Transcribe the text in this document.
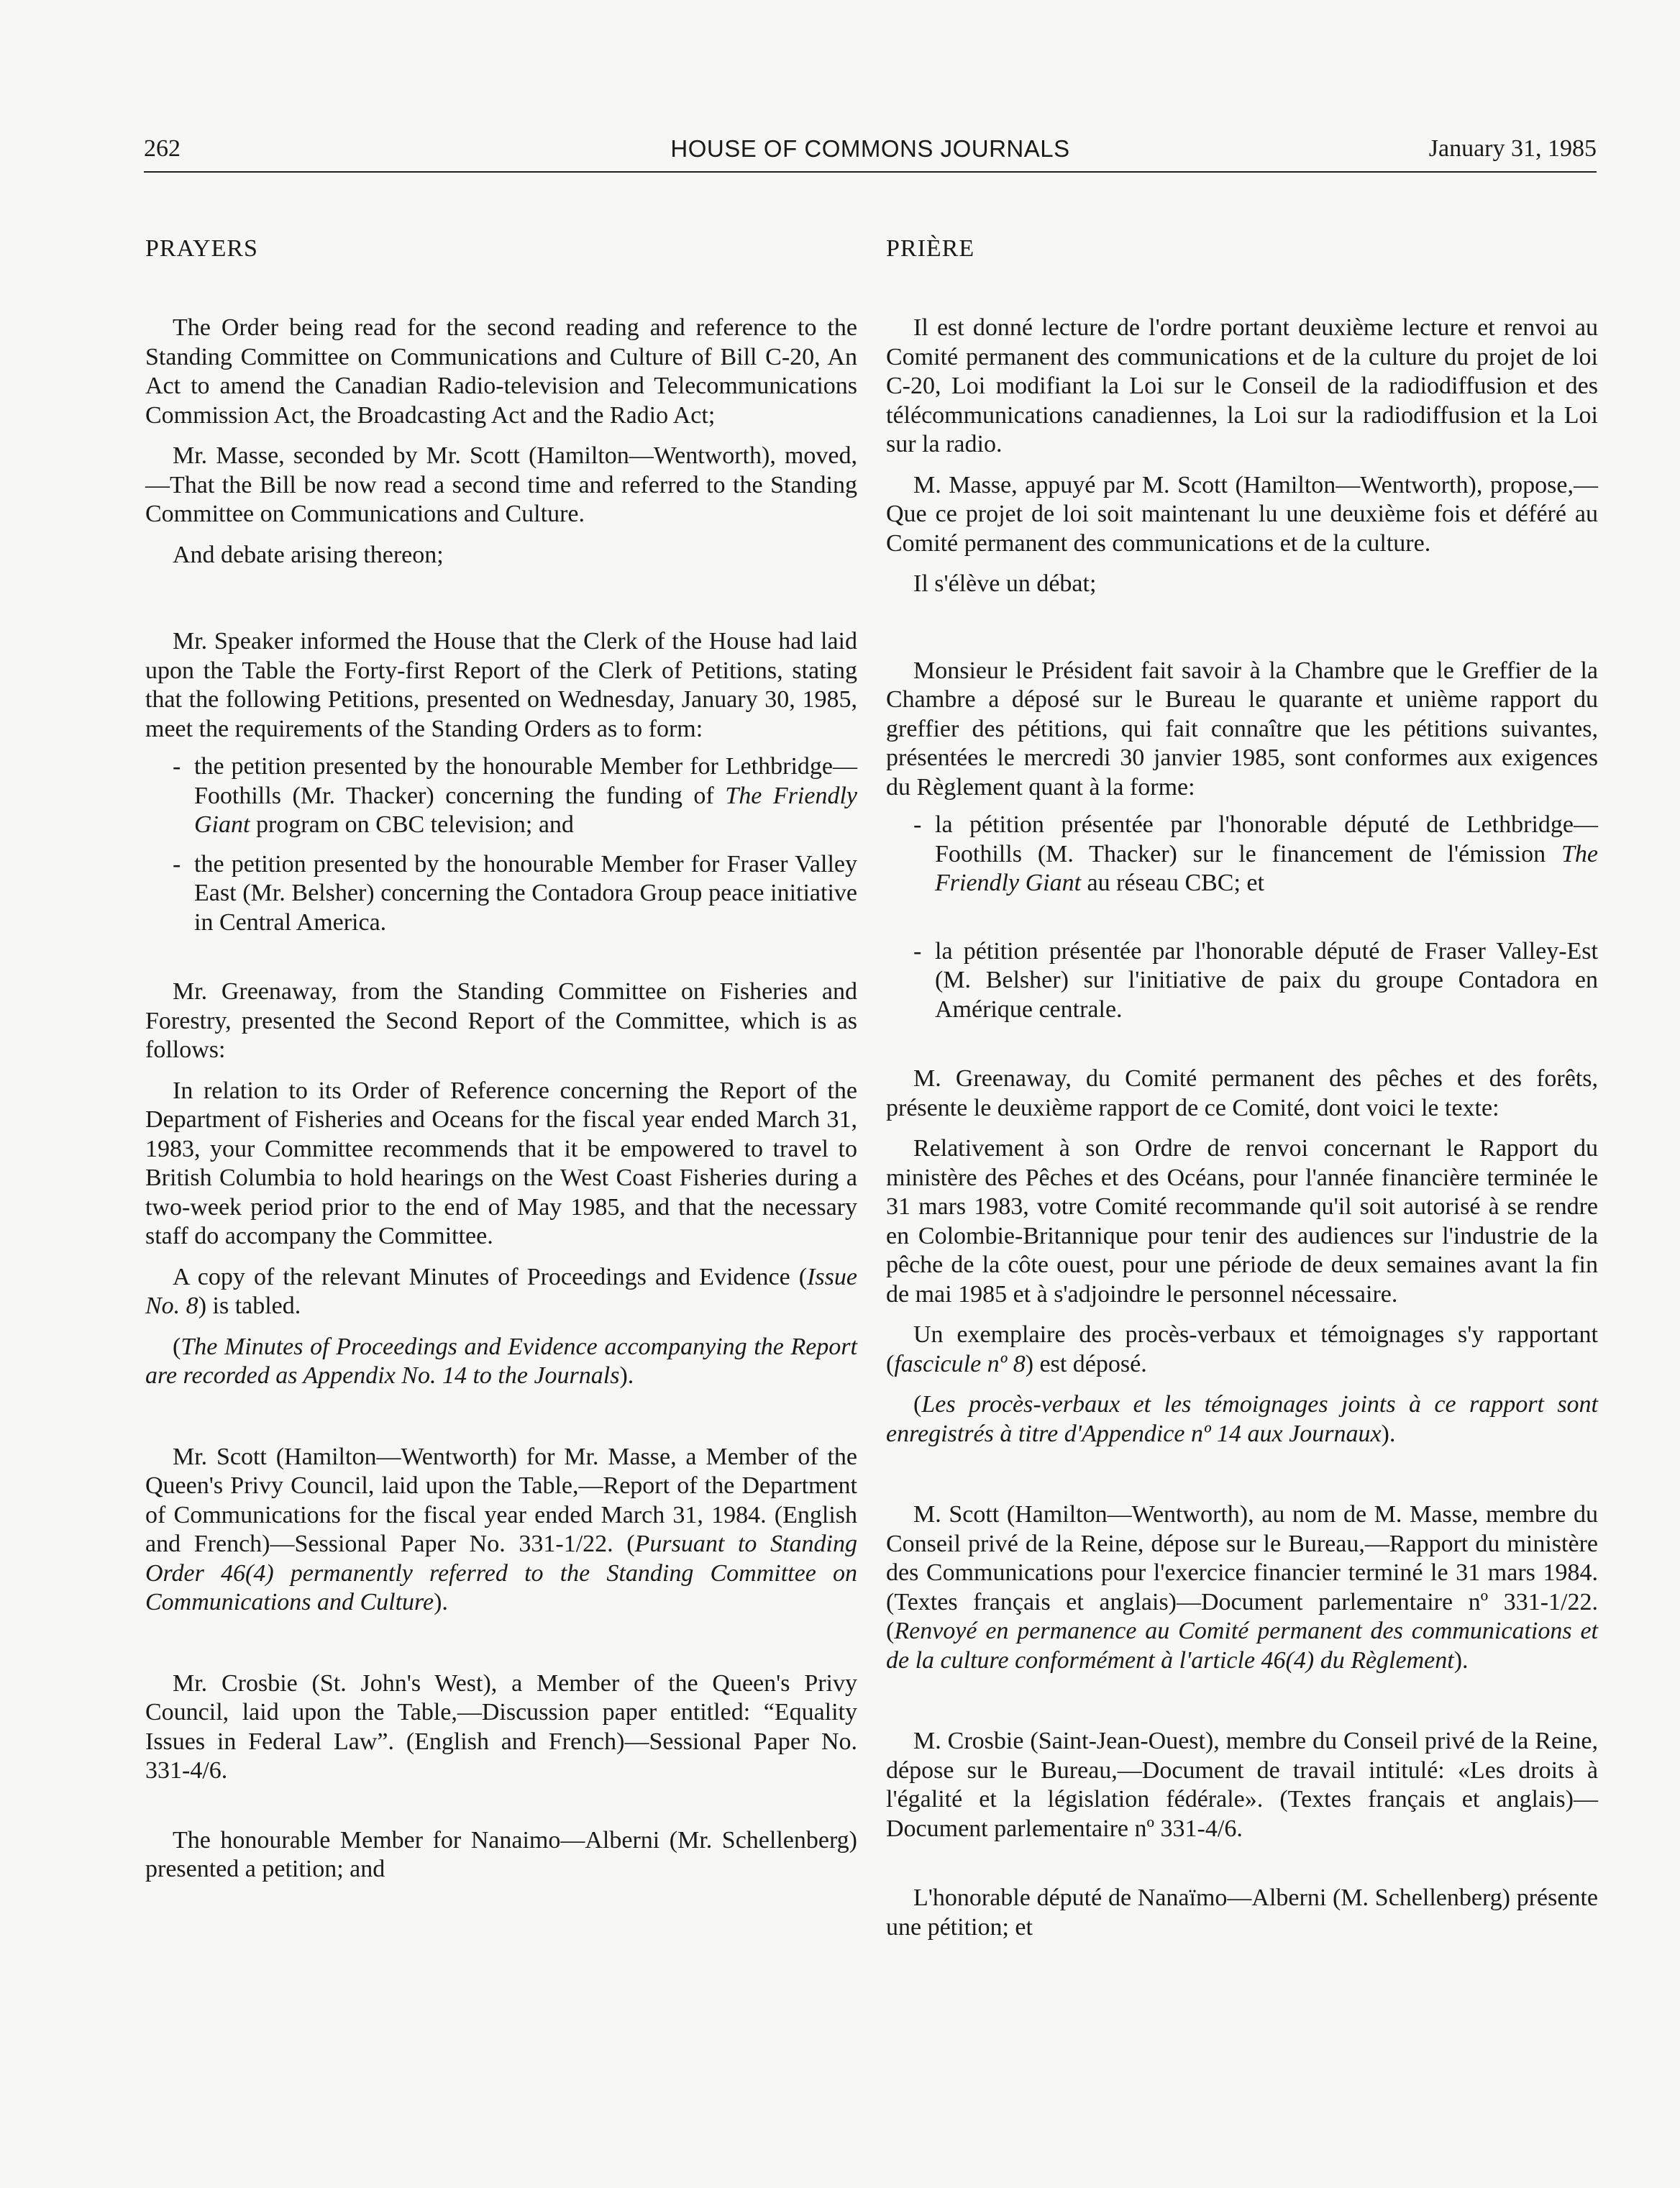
262	HOUSE OF COMMONS JOURNALS	January 31, 1985

PRAYERS

The Order being read for the second reading and reference to the Standing Committee on Communications and Culture of Bill C-20, An Act to amend the Canadian Radio-television and Telecommunications Commission Act, the Broadcasting Act and the Radio Act;

Mr. Masse, seconded by Mr. Scott (Hamilton—Wentworth), moved,—That the Bill be now read a second time and referred to the Standing Committee on Communications and Culture.

And debate arising thereon;

Mr. Speaker informed the House that the Clerk of the House had laid upon the Table the Forty-first Report of the Clerk of Petitions, stating that the following Petitions, presented on Wednesday, January 30, 1985, meet the requirements of the Standing Orders as to form:

- the petition presented by the honourable Member for Lethbridge—Foothills (Mr. Thacker) concerning the funding of The Friendly Giant program on CBC television; and
- the petition presented by the honourable Member for Fraser Valley East (Mr. Belsher) concerning the Contadora Group peace initiative in Central America.

Mr. Greenaway, from the Standing Committee on Fisheries and Forestry, presented the Second Report of the Committee, which is as follows:

In relation to its Order of Reference concerning the Report of the Department of Fisheries and Oceans for the fiscal year ended March 31, 1983, your Committee recommends that it be empowered to travel to British Columbia to hold hearings on the West Coast Fisheries during a two-week period prior to the end of May 1985, and that the necessary staff do accompany the Committee.

A copy of the relevant Minutes of Proceedings and Evidence (Issue No. 8) is tabled.

(The Minutes of Proceedings and Evidence accompanying the Report are recorded as Appendix No. 14 to the Journals).

Mr. Scott (Hamilton—Wentworth) for Mr. Masse, a Member of the Queen's Privy Council, laid upon the Table,—Report of the Department of Communications for the fiscal year ended March 31, 1984. (English and French)—Sessional Paper No. 331-1/22. (Pursuant to Standing Order 46(4) permanently referred to the Standing Committee on Communications and Culture).

Mr. Crosbie (St. John's West), a Member of the Queen's Privy Council, laid upon the Table,—Discussion paper entitled: “Equality Issues in Federal Law”. (English and French)—Sessional Paper No. 331-4/6.

The honourable Member for Nanaimo—Alberni (Mr. Schellenberg) presented a petition; and

PRIÈRE

Il est donné lecture de l'ordre portant deuxième lecture et renvoi au Comité permanent des communications et de la culture du projet de loi C-20, Loi modifiant la Loi sur le Conseil de la radiodiffusion et des télécommunications canadiennes, la Loi sur la radiodiffusion et la Loi sur la radio.

M. Masse, appuyé par M. Scott (Hamilton—Wentworth), propose,—Que ce projet de loi soit maintenant lu une deuxième fois et déféré au Comité permanent des communications et de la culture.

Il s'élève un débat;

Monsieur le Président fait savoir à la Chambre que le Greffier de la Chambre a déposé sur le Bureau le quarante et unième rapport du greffier des pétitions, qui fait connaître que les pétitions suivantes, présentées le mercredi 30 janvier 1985, sont conformes aux exigences du Règlement quant à la forme:

- la pétition présentée par l'honorable député de Lethbridge—Foothills (M. Thacker) sur le financement de l'émission The Friendly Giant au réseau CBC; et
- la pétition présentée par l'honorable député de Fraser Valley-Est (M. Belsher) sur l'initiative de paix du groupe Contadora en Amérique centrale.

M. Greenaway, du Comité permanent des pêches et des forêts, présente le deuxième rapport de ce Comité, dont voici le texte:

Relativement à son Ordre de renvoi concernant le Rapport du ministère des Pêches et des Océans, pour l'année financière terminée le 31 mars 1983, votre Comité recommande qu'il soit autorisé à se rendre en Colombie-Britannique pour tenir des audiences sur l'industrie de la pêche de la côte ouest, pour une période de deux semaines avant la fin de mai 1985 et à s'adjoindre le personnel nécessaire.

Un exemplaire des procès-verbaux et témoignages s'y rapportant (fascicule nº 8) est déposé.

(Les procès-verbaux et les témoignages joints à ce rapport sont enregistrés à titre d'Appendice nº 14 aux Journaux).

M. Scott (Hamilton—Wentworth), au nom de M. Masse, membre du Conseil privé de la Reine, dépose sur le Bureau,—Rapport du ministère des Communications pour l'exercice financier terminé le 31 mars 1984. (Textes français et anglais)—Document parlementaire nº 331-1/22. (Renvoyé en permanence au Comité permanent des communications et de la culture conformément à l'article 46(4) du Règlement).

M. Crosbie (Saint-Jean-Ouest), membre du Conseil privé de la Reine, dépose sur le Bureau,—Document de travail intitulé: «Les droits à l'égalité et la législation fédérale». (Textes français et anglais)—Document parlementaire nº 331-4/6.

L'honorable député de Nanaïmo—Alberni (M. Schellenberg) présente une pétition; et
